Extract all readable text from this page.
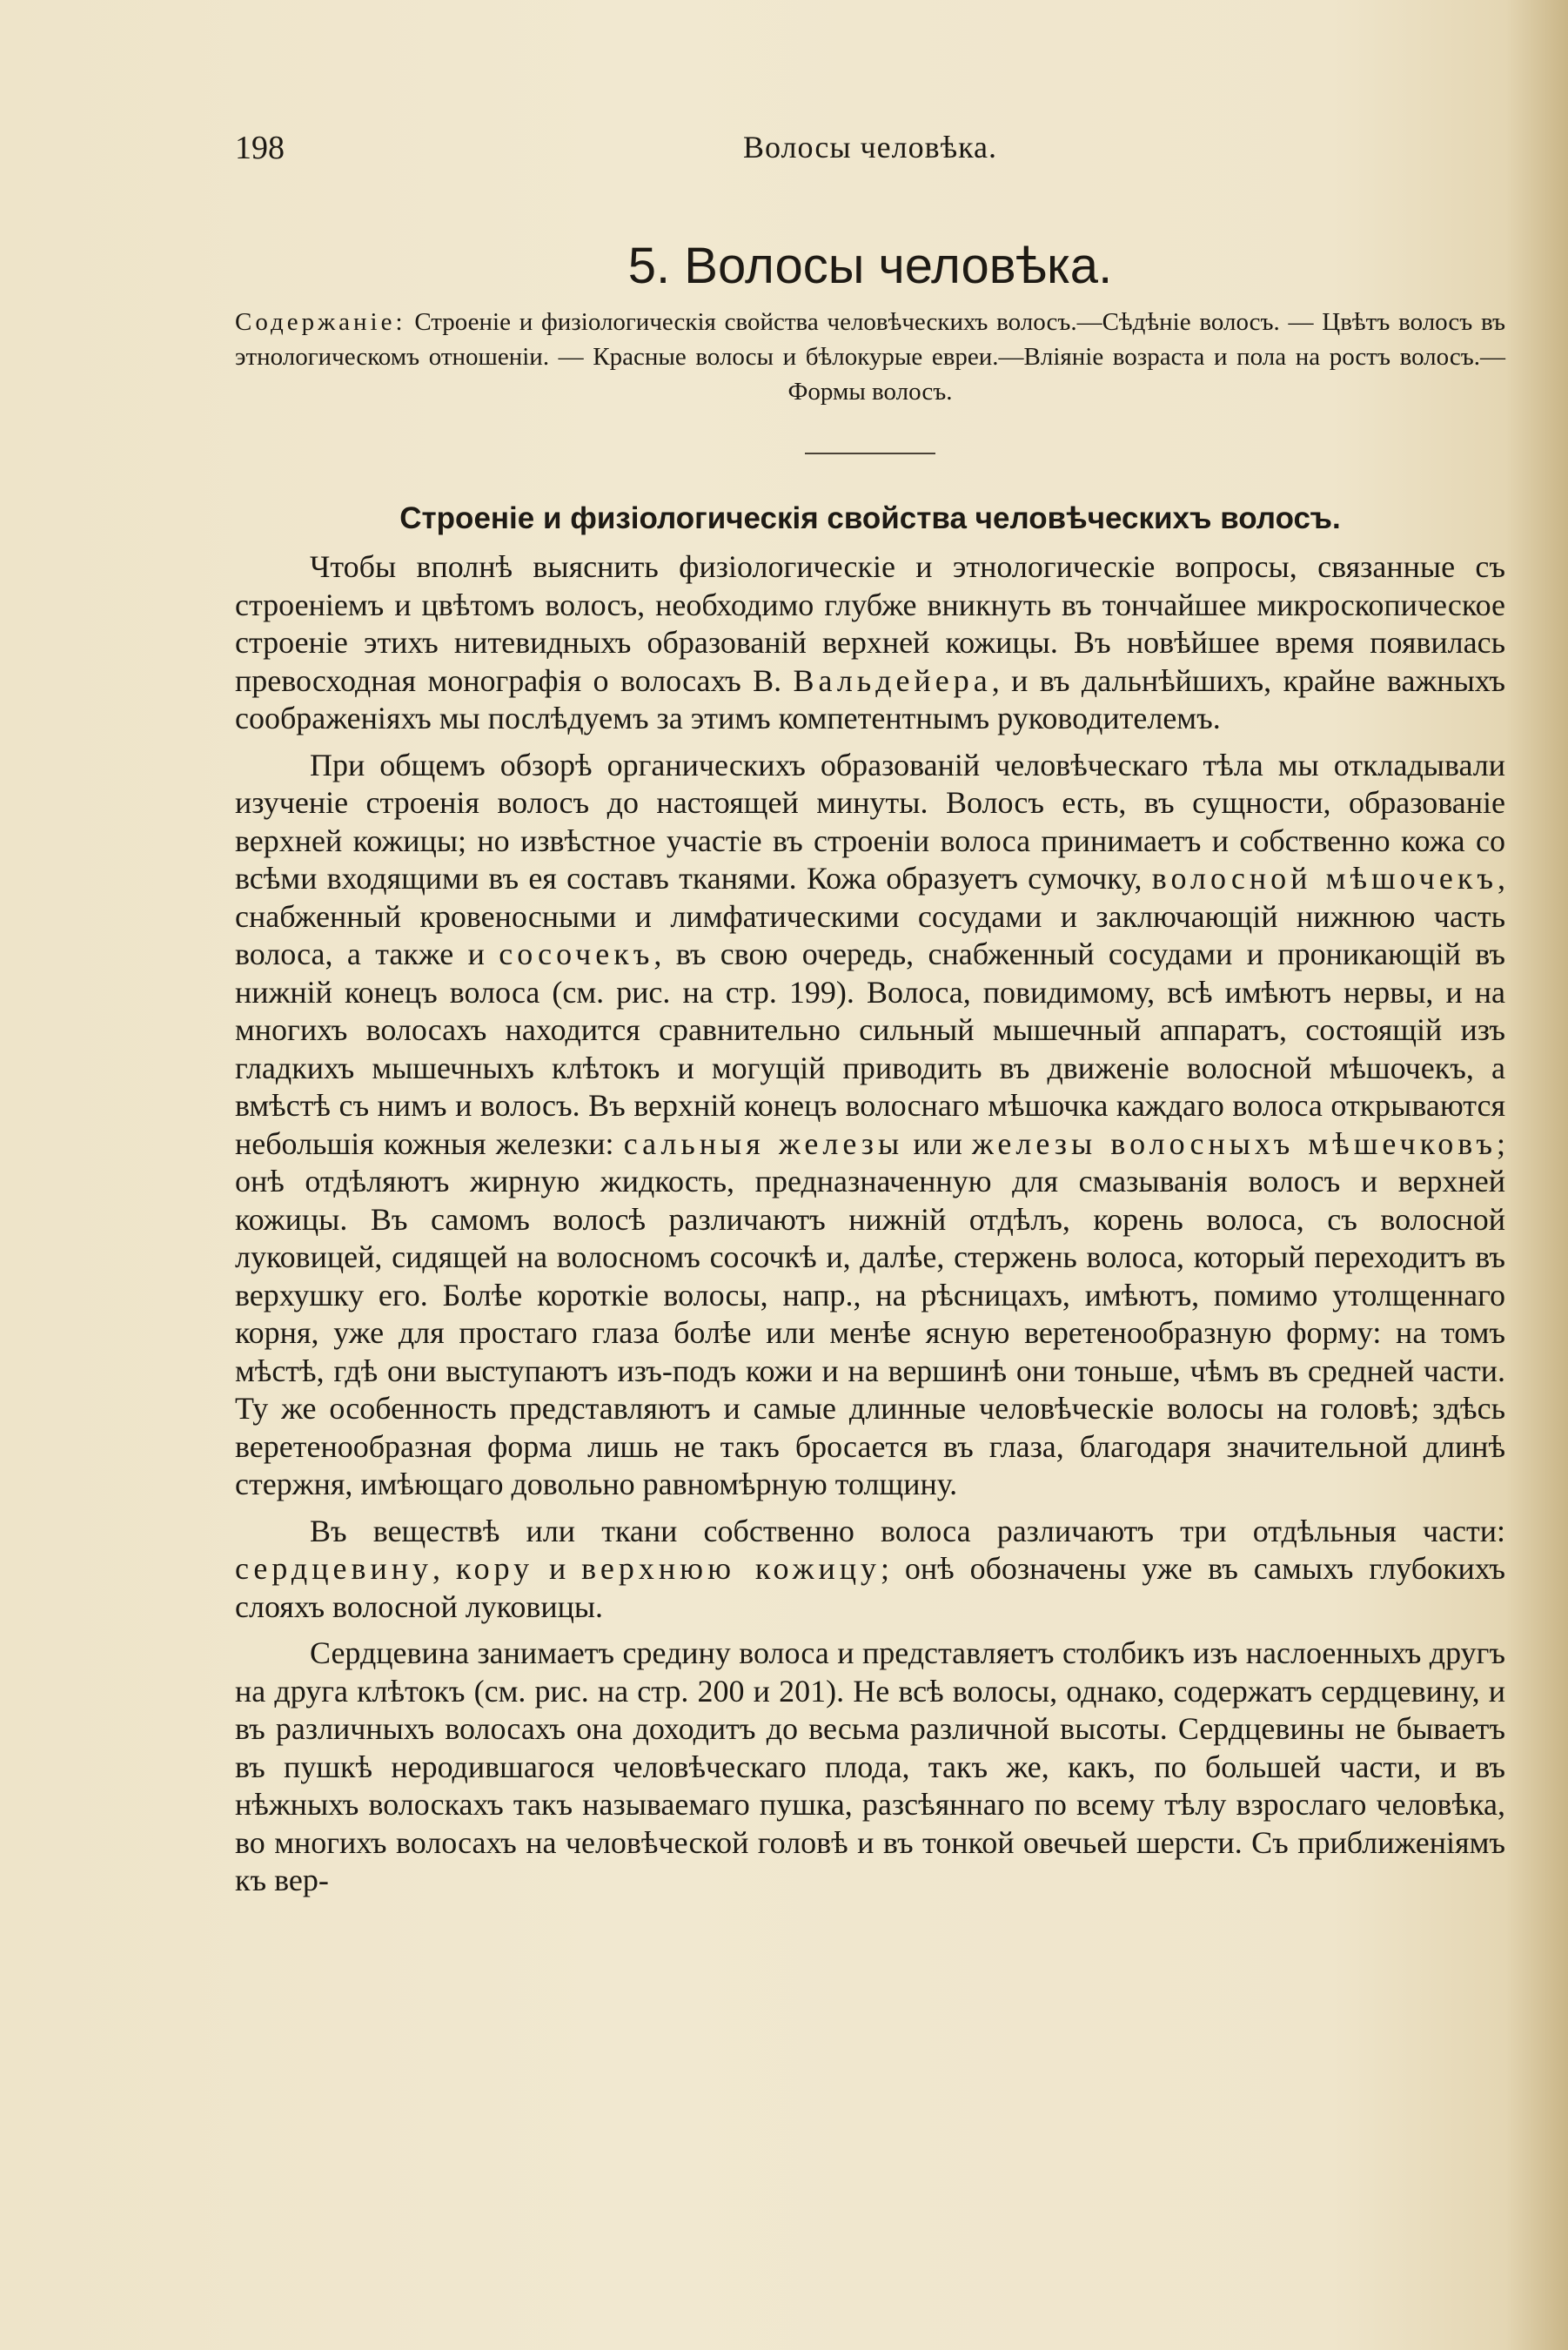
198	Волосы человѣка.
5. Волосы человѣка.

Содержанiе: Строенiе и физiологическiя свойства человѣческихъ волосъ.—Сѣдѣнiе волосъ. — Цвѣтъ волосъ въ этнологическомъ отношенiи. — Красные волосы и бѣлокурые евреи.—Влiянiе возраста и пола на ростъ волосъ.—Формы волосъ.

Строенiе и физiологическiя свойства человѣческихъ волосъ.

Чтобы вполнѣ выяснить физiологическiе и этнологическiе вопросы, связанные съ строенiемъ и цвѣтомъ волосъ, необходимо глубже вникнуть въ тончайшее микроскопическое строенiе этихъ нитевидныхъ образованiй верхней кожицы. Въ новѣйшее время появилась превосходная монографiя о волосахъ В. Вальдейера, и въ дальнѣйшихъ, крайне важныхъ соображенiяхъ мы послѣдуемъ за этимъ компетентнымъ руководителемъ.

При общемъ обзорѣ органическихъ образованiй человѣческаго тѣла мы откладывали изученiе строенiя волосъ до настоящей минуты. Волосъ есть, въ сущности, образованiе верхней кожицы; но извѣстное участiе въ строенiи волоса принимаетъ и собственно кожа со всѣми входящими въ ея составъ тканями. Кожа образуетъ сумочку, волосной мѣшочекъ, снабженный кровеносными и лимфатическими сосудами и заключающiй нижнюю часть волоса, а также и сосочекъ, въ свою очередь, снабженный сосудами и проникающiй въ нижнiй конецъ волоса (см. рис. на стр. 199). Волоса, повидимому, всѣ имѣютъ нервы, и на многихъ волосахъ находится сравнительно сильный мышечный аппаратъ, состоящiй изъ гладкихъ мышечныхъ клѣтокъ и могущiй приводить въ движенiе волосной мѣшочекъ, а вмѣстѣ съ нимъ и волосъ. Въ верхнiй конецъ волоснаго мѣшочка каждаго волоса открываются небольшiя кожныя железки: сальныя железы или железы волосныхъ мѣшечковъ; онѣ отдѣляютъ жирную жидкость, предназначенную для смазыванiя волосъ и верхней кожицы. Въ самомъ волосѣ различаютъ нижнiй отдѣлъ, корень волоса, съ волосной луковицей, сидящей на волосномъ сосочкѣ и, далѣе, стержень волоса, который переходитъ въ верхушку его. Болѣе короткiе волосы, напр., на рѣсницахъ, имѣютъ, помимо утолщеннаго корня, уже для простаго глаза болѣе или менѣе ясную веретенообразную форму: на томъ мѣстѣ, гдѣ они выступаютъ изъ-подъ кожи и на вершинѣ они тоньше, чѣмъ въ средней части. Ту же особенность представляютъ и самые длинные человѣческiе волосы на головѣ; здѣсь веретенообразная форма лишь не такъ бросается въ глаза, благодаря значительной длинѣ стержня, имѣющаго довольно равномѣрную толщину.

Въ веществѣ или ткани собственно волоса различаютъ три отдѣльныя части: сердцевину, кору и верхнюю кожицу; онѣ обозначены уже въ самыхъ глубокихъ слояхъ волосной луковицы.

Сердцевина занимаетъ средину волоса и представляетъ столбикъ изъ наслоенныхъ другъ на друга клѣтокъ (см. рис. на стр. 200 и 201). Не всѣ волосы, однако, содержатъ сердцевину, и въ различныхъ волосахъ она доходитъ до весьма различной высоты. Сердцевины не бываетъ въ пушкѣ неродившагося человѣческаго плода, такъ же, какъ, по большей части, и въ нѣжныхъ волоскахъ такъ называемаго пушка, разсѣяннаго по всему тѣлу взрослаго человѣка, во многихъ волосахъ на человѣческой головѣ и въ тонкой овечьей шерсти. Съ приближенiямъ къ вер-
